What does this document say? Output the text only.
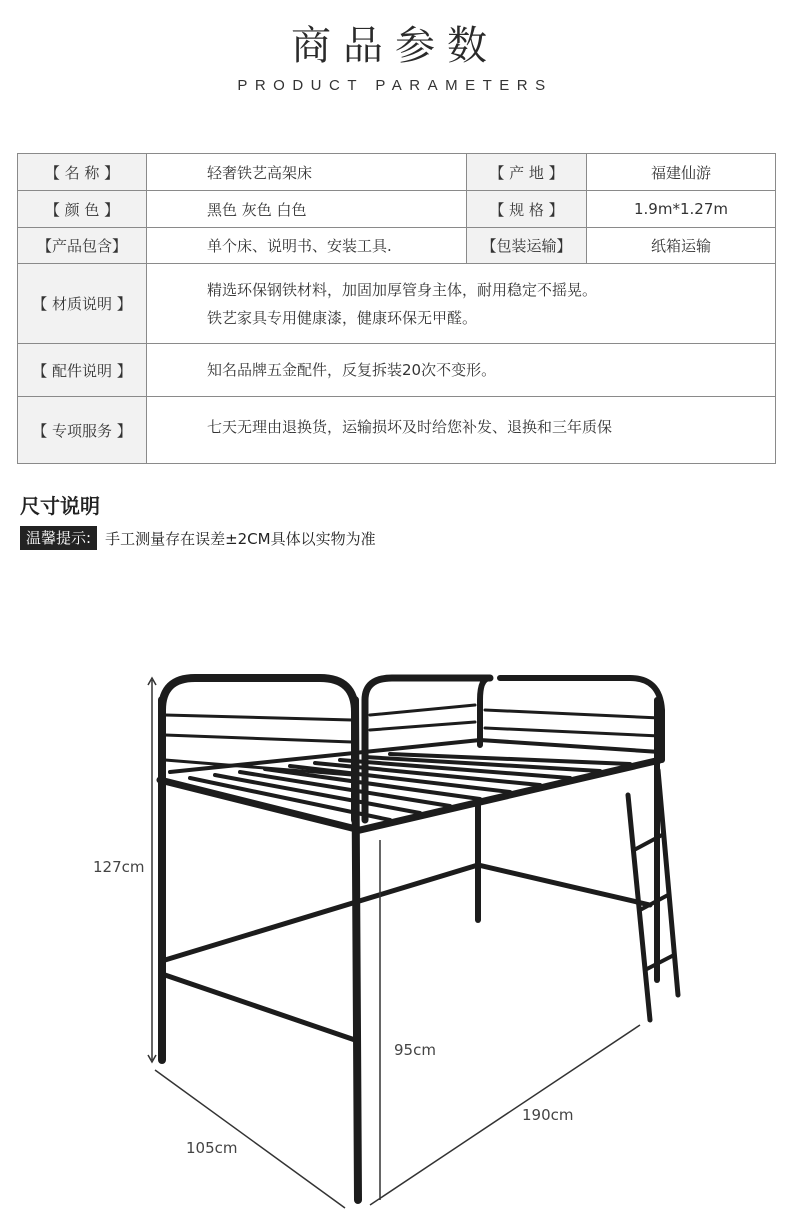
商品参数
PRODUCT PARAMETERS
【 名 称 】	轻奢铁艺高架床	【 产 地 】	福建仙游
【 颜 色 】	黑色 灰色 白色	【 规 格 】	1.9m*1.27m
【产品包含】	单个床、说明书、安装工具.	【包装运输】	纸箱运输
【 材质说明 】	精选环保钢铁材料，加固加厚管身主体，耐用稳定不摇晃。
铁艺家具专用健康漆，健康环保无甲醛。		

【 配件说明 】	知名品牌五金配件，反复拆装20次不变形。		
【 专项服务 】	七天无理由退换货，运输损坏及时给您补发、退换和三年质保		
尺寸说明
温馨提示: 手工测量存在误差±2CM具体以实物为准
127cm
95cm
190cm
105cm
